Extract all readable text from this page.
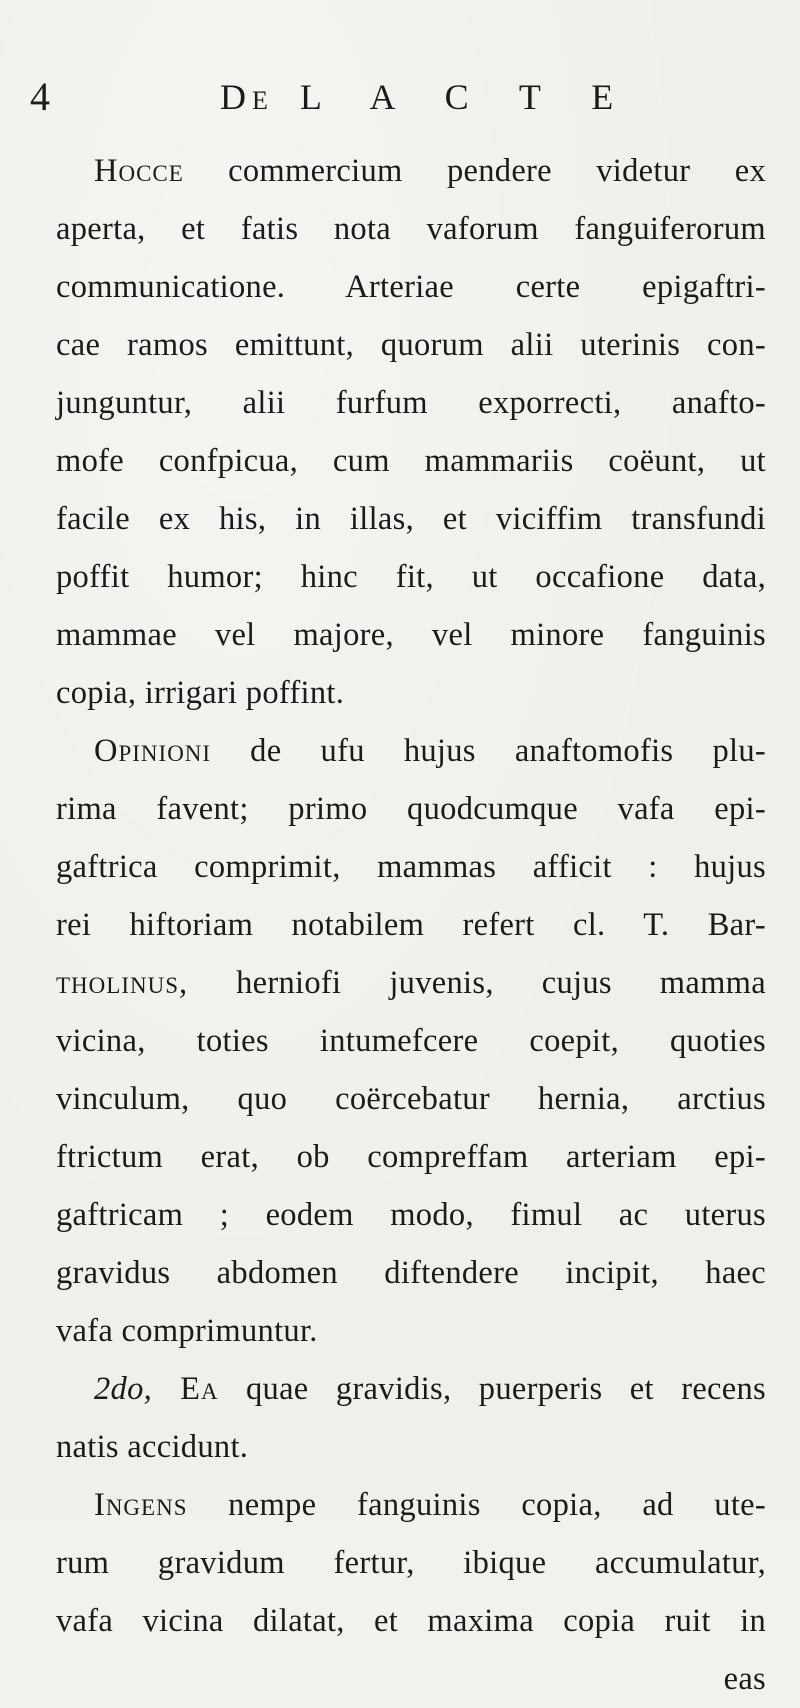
4	DE L A C T E
Hocce commercium pendere videtur ex
aperta, et fatis nota vaforum fanguiferorum
communicatione. Arteriae certe epigaftri-
cae ramos emittunt, quorum alii uterinis con-
junguntur, alii furfum exporrecti, anafto-
mofe confpicua, cum mammariis coëunt, ut
facile ex his, in illas, et viciffim transfundi
poffit humor; hinc fit, ut occafione data,
mammae vel majore, vel minore fanguinis
copia, irrigari poffint.
Opinioni de ufu hujus anaftomofis plu-
rima favent; primo quodcumque vafa epi-
gaftrica comprimit, mammas afficit : hujus
rei hiftoriam notabilem refert cl. T. Bar-
tholinus, herniofi juvenis, cujus mamma
vicina, toties intumefcere coepit, quoties
vinculum, quo coërcebatur hernia, arctius
ftrictum erat, ob compreffam arteriam epi-
gaftricam ; eodem modo, fimul ac uterus
gravidus abdomen diftendere incipit, haec
vafa comprimuntur.
2do, Ea quae gravidis, puerperis et recens
natis accidunt.
Ingens nempe fanguinis copia, ad ute-
rum gravidum fertur, ibique accumulatur,
vafa vicina dilatat, et maxima copia ruit in
eas
